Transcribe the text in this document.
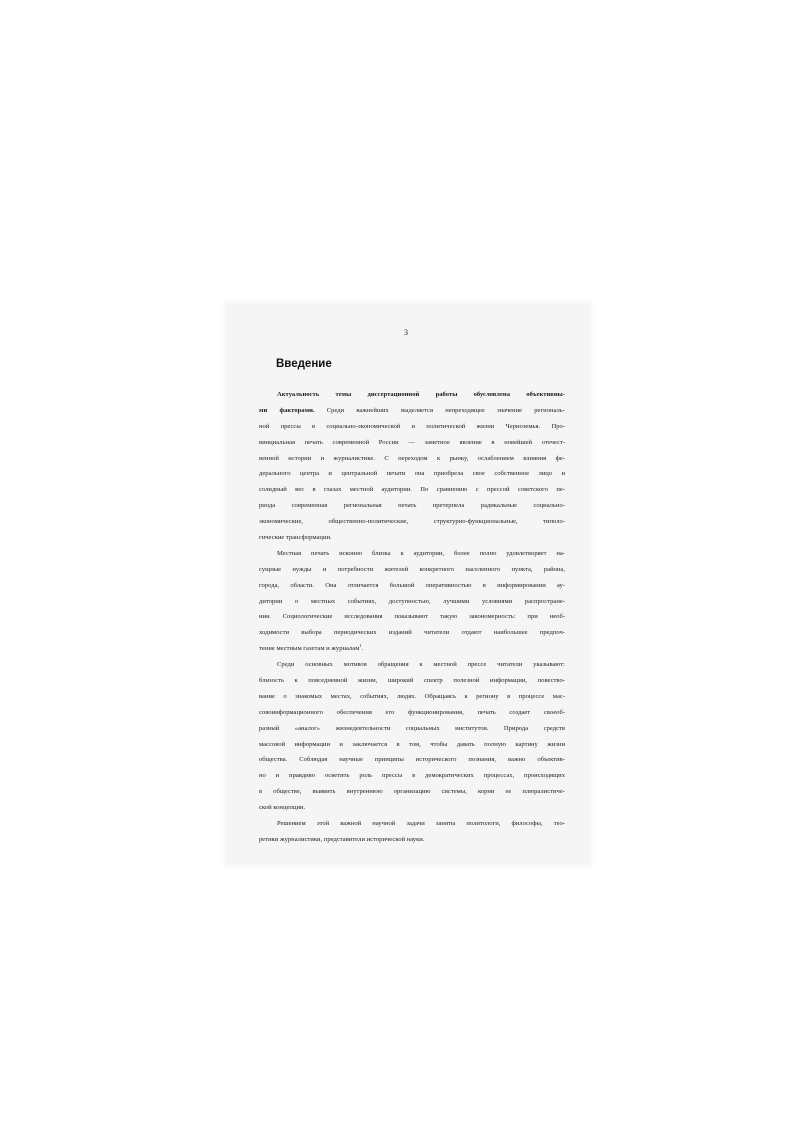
3
Введение
Актуальность темы диссертационной работы обусловлена объективны-
ми факторами. Среди важнейших выделяется непреходящее значение региональ-
ной прессы в социально-экономической и политической жизни Черноземья. Про-
винциальная печать современной России — заметное явление в новейшей отечест-
венной истории и журналистике. С переходом к рынку, ослаблением влияния фе-
дерального центра и центральной печати она приобрела свое собственное лицо и
солидный вес в глазах местной аудитории. По сравнению с прессой советского пе-
риода современная региональная печать претерпела радикальные социально-
экономические, общественно-политические, структурно-функциональные, типоло-
гические трансформации.
Местная печать исконно близка к аудитории, более полно удовлетворяет на-
сущные нужды и потребности жителей конкретного населенного пункта, района,
города, области. Она отличается большой оперативностью в информировании ау-
дитории о местных событиях, доступностью, лучшими условиями распростране-
ния. Социологические исследования показывают такую закономерность: при необ-
ходимости выбора периодических изданий читатели отдают наибольшее предпоч-
тение местным газетам и журналам$^1$.
Среди основных мотивов обращения к местной прессе читатели указывают:
близость к повседневной жизни, широкий спектр полезной информации, повество-
вание о знакомых местах, событиях, людях. Обращаясь к региону в процессе мас-
совоинформационного обеспечения его функционирования, печать создает своеоб-
разный «аналог» жизнедеятельности социальных институтов. Природа средств
массовой информации и заключается в том, чтобы давать полную картину жизни
общества. Соблюдая научные принципы исторического познания, важно объектив-
но и правдиво осветить роль прессы в демократических процессах, происходящих
в обществе, выявить внутреннюю организацию системы, корни ее плюралистиче-
ской концепции.
Решением этой важной научной задачи заняты политологи, философы, тео-
ретики журналистики, представители исторической науки.
